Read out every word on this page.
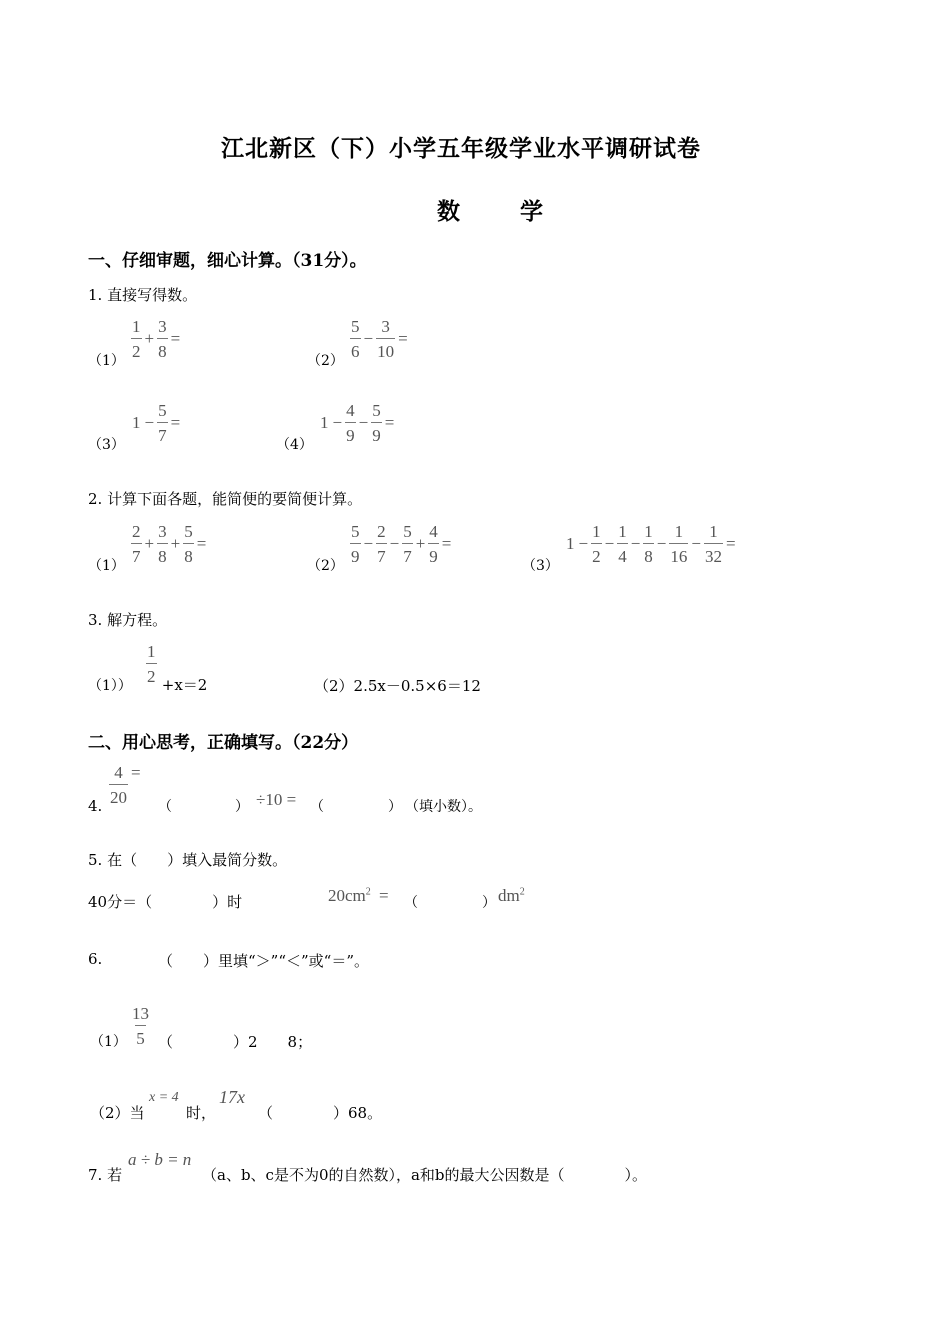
江北新区（下）小学五年级学业水平调研试卷
数 学
一、仔细审题，细心计算。（31分）。
1. 直接写得数。
（1）
$\frac{1}{2} + \frac{3}{8}$ =
（2）
$\frac{5}{6} - \frac{3}{10}$ =
（3） $1 - \frac{5}{7}$ =
（4） $1 - \frac{4}{9} - \frac{5}{9}$ =
2. 计算下面各题，能简便的要简便计算。
（1）
$\frac{2}{7} + \frac{3}{8} + \frac{5}{8}$ =
（2）
$\frac{5}{9} - \frac{2}{7} - \frac{5}{7} + \frac{4}{9}$ =
（3） $1 - \frac{1}{2} - \frac{1}{4} - \frac{1}{8} - \frac{1}{16} - \frac{1}{32}$ =
3. 解方程。
（1））
$\frac{1}{2} +x=2$	（2）2.5x－0.5×6＝12
二、用心思考，正确填写。（22分）
4. $\frac{4}{20}$ =
（	） ÷10 = （	） （填小数）。
5. 在（　　）填入最简分数。
40分＝（　　　　）时	$20cm^2$ = （	） $dm^2$
6.	（　　）里填“＞”“＜”或“＝”。
$(1) \frac{13}{5}$ （　　　　）2　　8；
（2）当
x = 4
时，
17x
（　　　　）68。
7. 若
a ÷ b = n
（a、b、c是不为0的自然数），a和b的最大公因数是（　　　　）。
